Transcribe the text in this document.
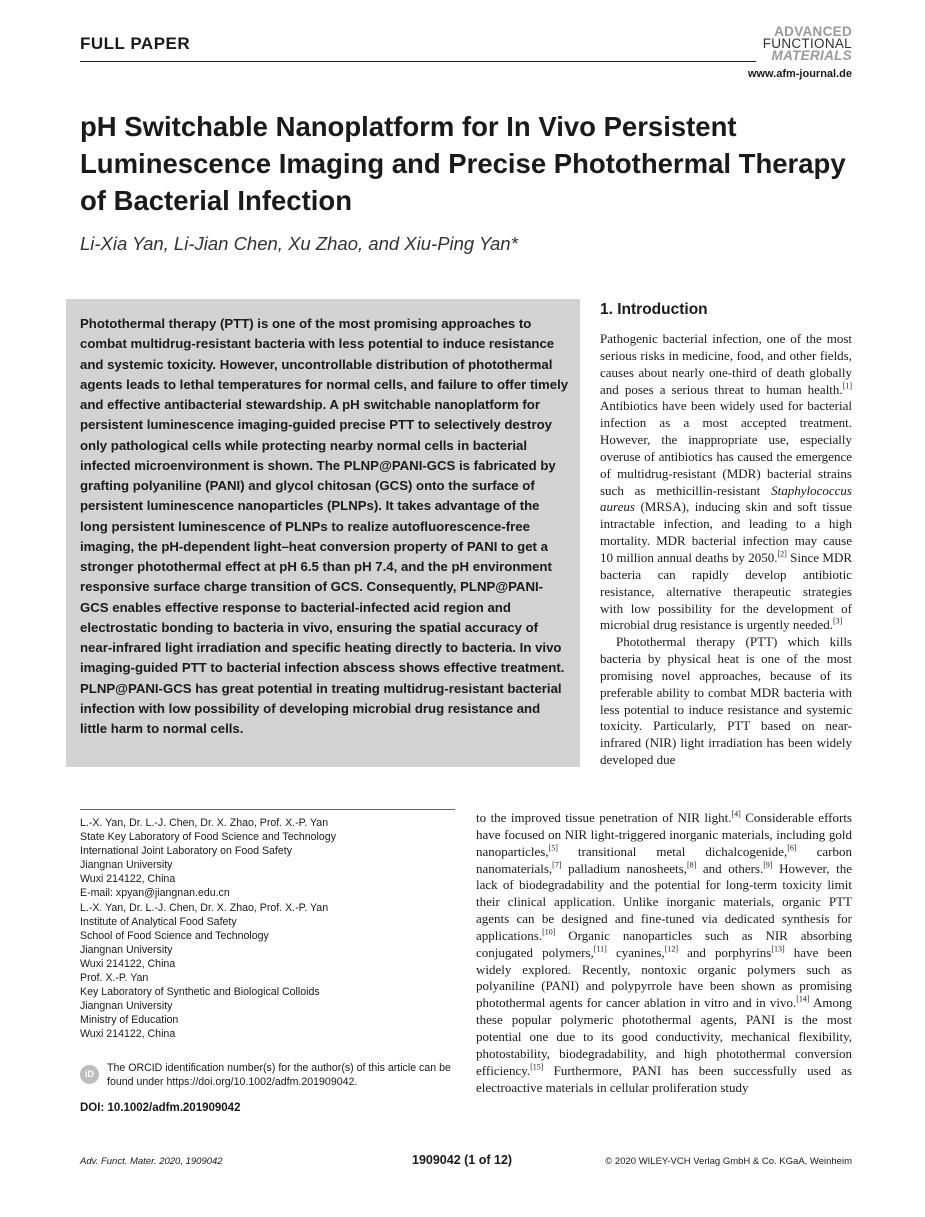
FULL PAPER
ADVANCED
FUNCTIONAL
MATERIALS
www.afm-journal.de
pH Switchable Nanoplatform for In Vivo Persistent Luminescence Imaging and Precise Photothermal Therapy of Bacterial Infection
Li-Xia Yan, Li-Jian Chen, Xu Zhao, and Xiu-Ping Yan*
Photothermal therapy (PTT) is one of the most promising approaches to combat multidrug-resistant bacteria with less potential to induce resistance and systemic toxicity. However, uncontrollable distribution of photothermal agents leads to lethal temperatures for normal cells, and failure to offer timely and effective antibacterial stewardship. A pH switchable nanoplatform for persistent luminescence imaging-guided precise PTT to selectively destroy only pathological cells while protecting nearby normal cells in bacterial infected microenvironment is shown. The PLNP@PANI-GCS is fabricated by grafting polyaniline (PANI) and glycol chitosan (GCS) onto the surface of persistent luminescence nanoparticles (PLNPs). It takes advantage of the long persistent luminescence of PLNPs to realize autofluorescence-free imaging, the pH-dependent light–heat conversion property of PANI to get a stronger photothermal effect at pH 6.5 than pH 7.4, and the pH environment responsive surface charge transition of GCS. Consequently, PLNP@PANI-GCS enables effective response to bacterial-infected acid region and electrostatic bonding to bacteria in vivo, ensuring the spatial accuracy of near-infrared light irradiation and specific heating directly to bacteria. In vivo imaging-guided PTT to bacterial infection abscess shows effective treatment. PLNP@PANI-GCS has great potential in treating multidrug-resistant bacterial infection with low possibility of developing microbial drug resistance and little harm to normal cells.
L.-X. Yan, Dr. L.-J. Chen, Dr. X. Zhao, Prof. X.-P. Yan
State Key Laboratory of Food Science and Technology
International Joint Laboratory on Food Safety
Jiangnan University
Wuxi 214122, China
E-mail: xpyan@jiangnan.edu.cn
L.-X. Yan, Dr. L.-J. Chen, Dr. X. Zhao, Prof. X.-P. Yan
Institute of Analytical Food Safety
School of Food Science and Technology
Jiangnan University
Wuxi 214122, China
Prof. X.-P. Yan
Key Laboratory of Synthetic and Biological Colloids
Jiangnan University
Ministry of Education
Wuxi 214122, China
iD	The ORCID identification number(s) for the author(s) of this article can be found under https://doi.org/10.1002/adfm.201909042.
DOI: 10.1002/adfm.201909042
1. Introduction

Pathogenic bacterial infection, one of the most serious risks in medicine, food, and other fields, causes about nearly one-third of death globally and poses a serious threat to human health.[1] Antibiotics have been widely used for bacterial infection as a most accepted treatment. However, the inappropriate use, especially overuse of antibiotics has caused the emergence of multidrug-resistant (MDR) bacterial strains such as methicillin-resistant Staphylococcus aureus (MRSA), inducing skin and soft tissue intractable infection, and leading to a high mortality. MDR bacterial infection may cause 10 million annual deaths by 2050.[2] Since MDR bacteria can rapidly develop antibiotic resistance, alternative therapeutic strategies with low possibility for the development of microbial drug resistance is urgently needed.[3]

Photothermal therapy (PTT) which kills bacteria by physical heat is one of the most promising novel approaches, because of its preferable ability to combat MDR bacteria with less potential to induce resistance and systemic toxicity. Particularly, PTT based on near-infrared (NIR) light irradiation has been widely developed due

to the improved tissue penetration of NIR light.[4] Considerable efforts have focused on NIR light-triggered inorganic materials, including gold nanoparticles,[5] transitional metal dichalcogenide,[6] carbon nanomaterials,[7] palladium nanosheets,[8] and others.[9] However, the lack of biodegradability and the potential for long-term toxicity limit their clinical application. Unlike inorganic materials, organic PTT agents can be designed and fine-tuned via dedicated synthesis for applications.[10] Organic nanoparticles such as NIR absorbing conjugated polymers,[11] cyanines,[12] and porphyrins[13] have been widely explored. Recently, nontoxic organic polymers such as polyaniline (PANI) and polypyrrole have been shown as promising photothermal agents for cancer ablation in vitro and in vivo.[14] Among these popular polymeric photothermal agents, PANI is the most potential one due to its good conductivity, mechanical flexibility, photostability, biodegradability, and high photothermal conversion efficiency.[15] Furthermore, PANI has been successfully used as electroactive materials in cellular proliferation study

Adv. Funct. Mater. 2020, 1909042	1909042 (1 of 12)	© 2020 WILEY-VCH Verlag GmbH & Co. KGaA, Weinheim
